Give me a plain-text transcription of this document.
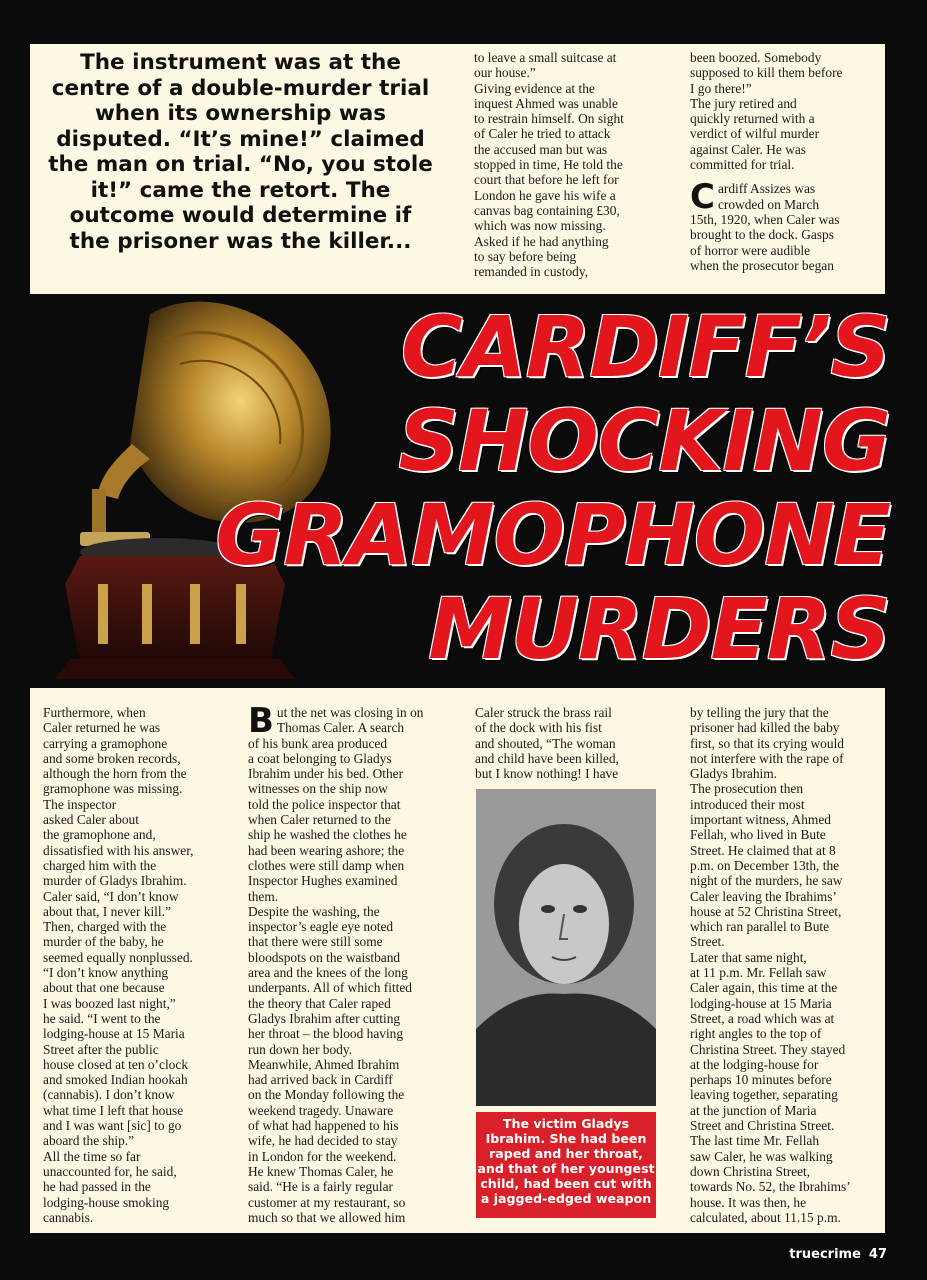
The instrument was at the centre of a double-murder trial when its ownership was disputed. “It’s mine!” claimed the man on trial. “No, you stole it!” came the retort. The outcome would determine if the prisoner was the killer...
to leave a small suitcase at
our house.”
Giving evidence at the
inquest Ahmed was unable
to restrain himself. On sight
of Caler he tried to attack
the accused man but was
stopped in time, He told the
court that before he left for
London he gave his wife a
canvas bag containing £30,
which was now missing.
Asked if he had anything
to say before being
remanded in custody,
been boozed. Somebody
supposed to kill them before
I go there!”
The jury retired and
quickly returned with a
verdict of wilful murder
against Caler. He was
committed for trial.
Cardiff Assizes was
crowded on March
15th, 1920, when Caler was
brought to the dock. Gasps
of horror were audible
when the prosecutor began
CARDIFF’S
SHOCKING
GRAMOPHONE
MURDERS
Furthermore, when
Caler returned he was
carrying a gramophone
and some broken records,
although the horn from the
gramophone was missing.
The inspector
asked Caler about
the gramophone and,
dissatisfied with his answer,
charged him with the
murder of Gladys Ibrahim.
Caler said, “I don’t know
about that, I never kill.”
Then, charged with the
murder of the baby, he
seemed equally nonplussed.
“I don’t know anything
about that one because
I was boozed last night,”
he said. “I went to the
lodging-house at 15 Maria
Street after the public
house closed at ten o’clock
and smoked Indian hookah
(cannabis). I don’t know
what time I left that house
and I was want [sic] to go
aboard the ship.”
All the time so far
unaccounted for, he said,
he had passed in the
lodging-house smoking
cannabis.
But the net was closing in on
Thomas Caler. A search
of his bunk area produced
a coat belonging to Gladys
Ibrahim under his bed. Other
witnesses on the ship now
told the police inspector that
when Caler returned to the
ship he washed the clothes he
had been wearing ashore; the
clothes were still damp when
Inspector Hughes examined
them.
Despite the washing, the
inspector’s eagle eye noted
that there were still some
bloodspots on the waistband
area and the knees of the long
underpants. All of which fitted
the theory that Caler raped
Gladys Ibrahim after cutting
her throat – the blood having
run down her body.
Meanwhile, Ahmed Ibrahim
had arrived back in Cardiff
on the Monday following the
weekend tragedy. Unaware
of what had happened to his
wife, he had decided to stay
in London for the weekend.
He knew Thomas Caler, he
said. “He is a fairly regular
customer at my restaurant, so
much so that we allowed him
Caler struck the brass rail
of the dock with his fist
and shouted, “The woman
and child have been killed,
but I know nothing! I have
The victim Gladys Ibrahim. She had been raped and her throat, and that of her youngest child, had been cut with a jagged-edged weapon
by telling the jury that the
prisoner had killed the baby
first, so that its crying would
not interfere with the rape of
Gladys Ibrahim.
The prosecution then
introduced their most
important witness, Ahmed
Fellah, who lived in Bute
Street. He claimed that at 8
p.m. on December 13th, the
night of the murders, he saw
Caler leaving the Ibrahims’
house at 52 Christina Street,
which ran parallel to Bute
Street.
Later that same night,
at 11 p.m. Mr. Fellah saw
Caler again, this time at the
lodging-house at 15 Maria
Street, a road which was at
right angles to the top of
Christina Street. They stayed
at the lodging-house for
perhaps 10 minutes before
leaving together, separating
at the junction of Maria
Street and Christina Street.
The last time Mr. Fellah
saw Caler, he was walking
down Christina Street,
towards No. 52, the Ibrahims’
house. It was then, he
calculated, about 11.15 p.m.
truecrime 47
